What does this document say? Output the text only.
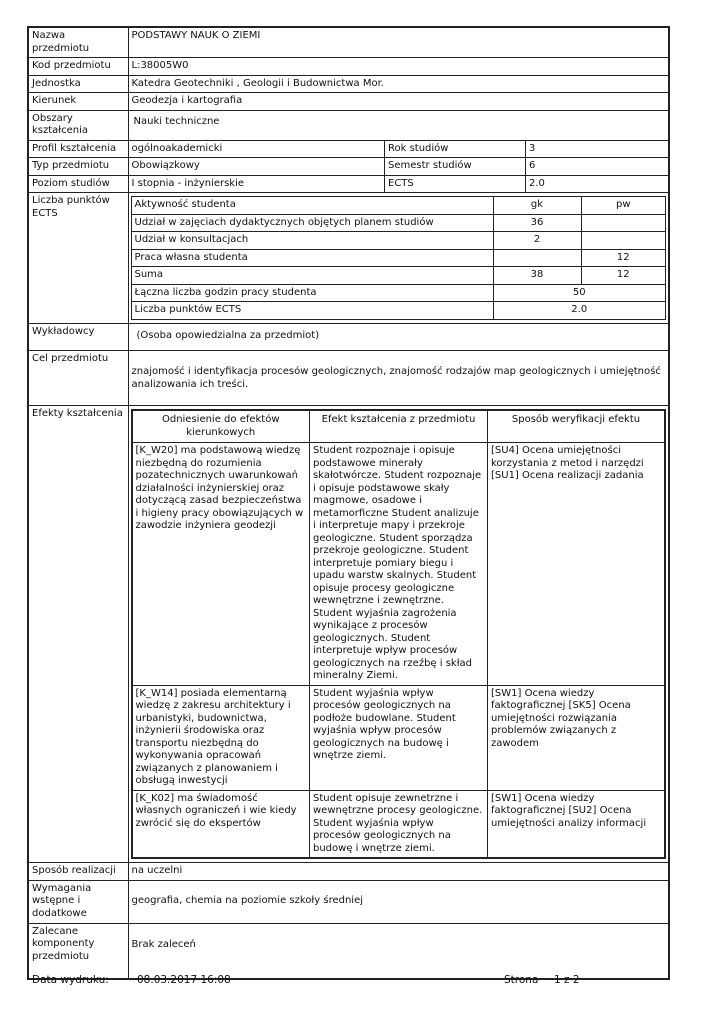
Nazwa przedmiotu	PODSTAWY NAUK O ZIEMI
Kod przedmiotu	L:38005W0
Jednostka	Katedra Geotechniki , Geologii i Budownictwa Mor.
Kierunek	Geodezja i kartografia
Obszary kształcenia	Nauki techniczne
Profil kształcenia	ogólnoakademicki	Rok studiów	3

Typ przedmiotu	Obowiązkowy	Semestr studiów	6

Poziom studiów	I stopnia - inżynierskie	ECTS	2.0

Liczba punktów ECTS	
Aktywność studenta	gk	pw
Udział w zajęciach dydaktycznych objętych planem studiów	36	
Udział w konsultacjach	2	
Praca własna studenta		12
Suma	38	12
Łączna liczba godzin pracy studenta	50
Liczba punktów ECTS	2.0

Wykładowcy	(Osoba opowiedzialna za przedmiot)
Cel przedmiotu	znajomość i identyfikacja procesów geologicznych, znajomość rodzajów map geologicznych i umiejętność analizowania ich treści.
Efekty kształcenia	
Odniesienie do efektów kierunkowych	Efekt kształcenia z przedmiotu	Sposób weryfikacji efektu
[K_W20] ma podstawową wiedzę niezbędną do rozumienia pozatechnicznych uwarunkowań działalności inżynierskiej oraz dotyczącą zasad bezpieczeństwa i higieny pracy obowiązujących w zawodzie inżyniera geodezji	Student rozpoznaje i opisuje podstawowe minerały skałotwórcze. Student rozpoznaje i opisuje podstawowe skały magmowe, osadowe i metamorficzne Student analizuje i interpretuje mapy i przekroje geologiczne. Student sporządza przekroje geologiczne. Student interpretuje pomiary biegu i upadu warstw skalnych. Student opisuje procesy geologiczne wewnętrzne i zewnętrzne. Student wyjaśnia zagrożenia wynikające z procesów geologicznych. Student interpretuje wpływ procesów geologicznych na rzeźbę i skład mineralny Ziemi.	[SU4] Ocena umiejętności korzystania z metod i narzędzi [SU1] Ocena realizacji zadania
[K_W14] posiada elementarną wiedzę z zakresu architektury i urbanistyki, budownictwa, inżynierii środowiska oraz transportu niezbędną do wykonywania opracowań związanych z planowaniem i obsługą inwestycji	Student wyjaśnia wpływ procesów geologicznych na podłoże budowlane. Student wyjaśnia wpływ procesów geologicznych na budowę i wnętrze ziemi.	[SW1] Ocena wiedzy faktograficznej [SK5] Ocena umiejętności rozwiązania problemów związanych z zawodem
[K_K02] ma świadomość własnych ograniczeń i wie kiedy zwrócić się do ekspertów	Student opisuje zewnetrzne i wewnętrzne procesy geologiczne. Student wyjaśnia wpływ procesów geologicznych na budowę i wnętrze ziemi.	[SW1] Ocena wiedzy faktograficznej [SU2] Ocena umiejętności analizy informacji

Sposób realizacji	na uczelni
Wymagania wstępne i dodatkowe	geografia, chemia na poziomie szkoły średniej
Zalecane komponenty przedmiotu	Brak zaleceń
Data wydruku:	08.03.2017 16:08	Strona 1 z 2
